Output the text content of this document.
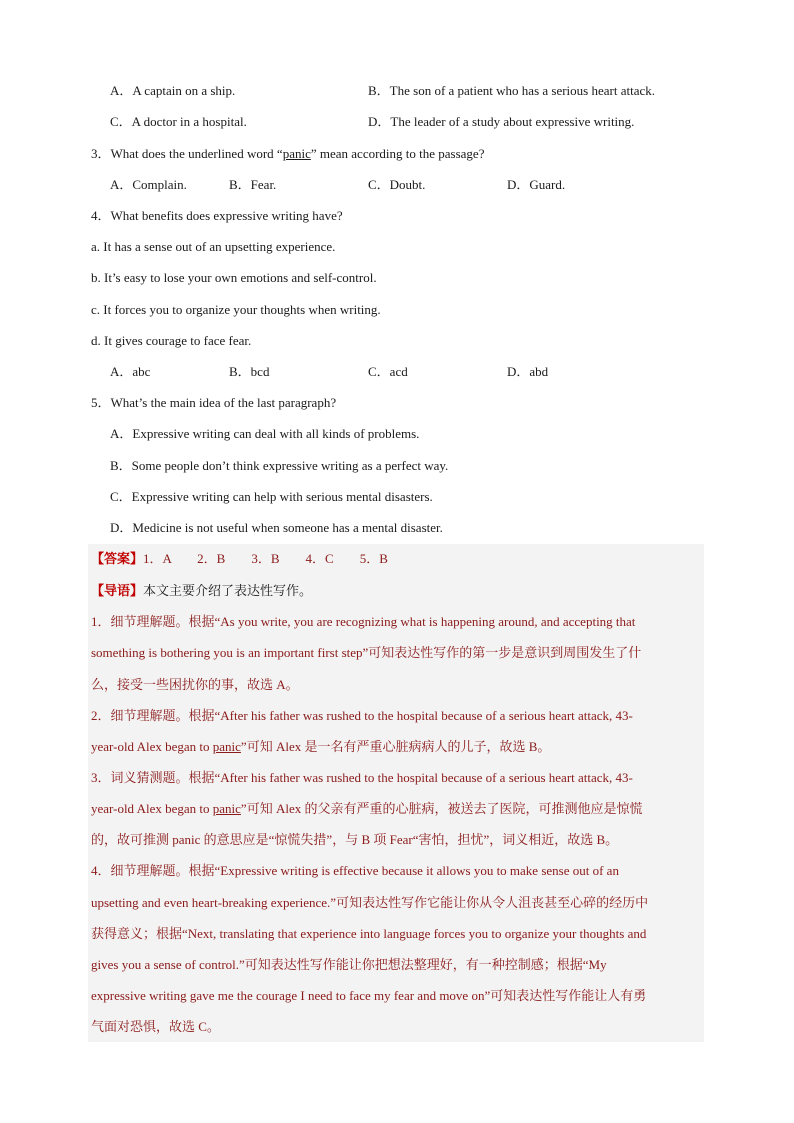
A．A captain on a ship.	B．The son of a patient who has a serious heart attack.
C．A doctor in a hospital.	D．The leader of a study about expressive writing.
3．What does the underlined word “panic” mean according to the passage?
A．Complain.	B．Fear.	C．Doubt.	D．Guard.
4．What benefits does expressive writing have?
a. It has a sense out of an upsetting experience.
b. It’s easy to lose your own emotions and self-control.
c. It forces you to organize your thoughts when writing.
d. It gives courage to face fear.
A．abc	B．bcd	C．acd	D．abd
5．What’s the main idea of the last paragraph?
A．Expressive writing can deal with all kinds of problems.
B．Some people don’t think expressive writing as a perfect way.
C．Expressive writing can help with serious mental disasters.
D．Medicine is not useful when someone has a mental disaster.
【答案】1．A　　2．B　　3．B　　4．C　　5．B
【导语】本文主要介绍了表达性写作。
1．细节理解题。根据“As you write, you are recognizing what is happening around, and accepting that
something is bothering you is an important first step”可知表达性写作的第一步是意识到周围发生了什
么，接受一些困扰你的事，故选 A。
2．细节理解题。根据“After his father was rushed to the hospital because of a serious heart attack, 43-
year-old Alex began to panic”可知 Alex 是一名有严重心脏病病人的儿子，故选 B。
3．词义猜测题。根据“After his father was rushed to the hospital because of a serious heart attack, 43-
year-old Alex began to panic”可知 Alex 的父亲有严重的心脏病，被送去了医院，可推测他应是惊慌
的，故可推测 panic 的意思应是“惊慌失措”，与 B 项 Fear“害怕，担忧”，词义相近，故选 B。
4．细节理解题。根据“Expressive writing is effective because it allows you to make sense out of an
upsetting and even heart-breaking experience.”可知表达性写作它能让你从令人沮丧甚至心碎的经历中
获得意义；根据“Next, translating that experience into language forces you to organize your thoughts and
gives you a sense of control.”可知表达性写作能让你把想法整理好，有一种控制感；根据“My
expressive writing gave me the courage I need to face my fear and move on”可知表达性写作能让人有勇
气面对恐惧，故选 C。
